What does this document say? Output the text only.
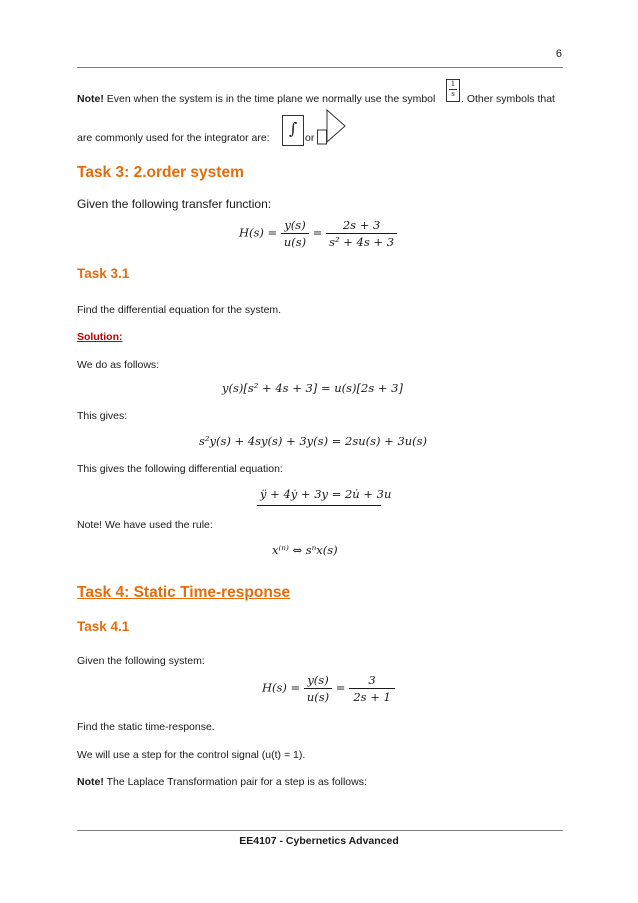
6
Note! Even when the system is in the time plane we normally use the symbol
1
s . Other symbols that
are commonly used for the integrator are:	∫ or
Task 3: 2.order system
Given the following transfer function:
$H(s) = \frac{y(s)}{u(s)} = \frac{2s + 3}{\text{s² + 4s + 3}}$
Task 3.1
Find the differential equation for the system.
Solution:
We do as follows:
y(s)[s² + 4s + 3] = u(s)[2s + 3]
This gives:
s²y(s) + 4sy(s) + 3y(s) = 2su(s) + 3u(s)
This gives the following differential equation:
ÿ + 4ẏ + 3y = 2u̇ + 3u
Note! We have used the rule:
x⁽ⁿ⁾ ⇔ sⁿx(s)
Task 4: Static Time-response
Task 4.1
Given the following system:
$H(s) = \frac{y(s)}{u(s)} = \frac{3}{2s + 1}$
Find the static time-response.
We will use a step for the control signal (u(t) = 1).
Note! The Laplace Transformation pair for a step is as follows:
EE4107 - Cybernetics Advanced
